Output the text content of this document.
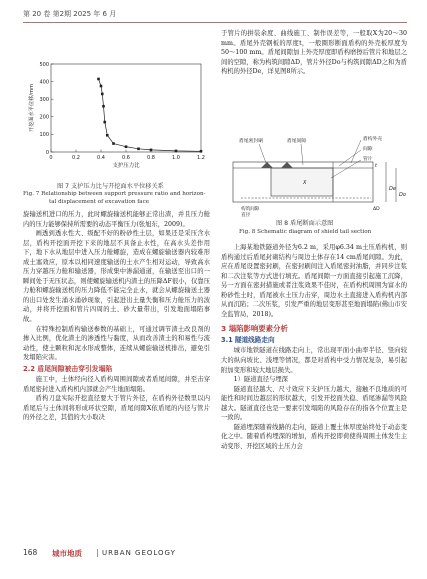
第 20 卷 第2期 2025 年 6 月
0
100
200
300
400
500
0	0.2	0.4	0.6	0.8	1.0	1.2
支护压力比
开挖面水平位移/mm
图 7 支护压力比与开挖面水平位移关系
Fig. 7 Relationship between support pressure ratio and horizon-
tal displacement of excavation face

旋输送机进口的压力，此时螺旋输送机能够正常出渣，并且压力舱内的压力能够保持所需要的动态平衡压力(张旭东，2009)。

画透到透水性大、级配不好的粉砂性土层，如果还是采压含水层，盾构开挖面开挖下来的地层不具备止水性，在高水头差作用下，地下水从地层中进入压力舱螺旋，造成在螺旋输送器内较难形成土塞效应，原本以相同速度输送的土水产生相对运动，导致高水压力穿越压力舱和输送器，形成集中渗漏通道，在输送至出口的一瞬间处于无压状态，则使螺旋输送机内渣土的压降ΔF很小，仅靠压力舱和螺旋输送机的压力降低不能完全止水，就会从螺旋输送土器的出口处发生涌水涌砂现象，引起进出土量失衡和压力舱压力的波动，并将开挖面和管片四周的土、砂大量带出，引发地面塌陷事故。

在特殊控制盾构输送参数的基础上，可通过调节渣土改良剂的掺入比例，优化渣土的渗透性与黏度，从而改善渣土的和易性与流动性，使土颗粒和泥水形成整体，连续从螺旋输送机排出，避免引发塌陷灾害。

2.2 盾尾间隙被击穿引发塌陷

施工中，土体经向径入盾构周围间隙或者盾尾间隙，并至击穿盾尾密封进入盾构机内部就会产生地面塌陷。

盾构刀盘实际开挖直径要大于管片外径，在盾构外径数里以内盾尾后与土体间将形成环状空隙，盾尾间隙X依盾尾的内径与管片的外径之差，其值的大小取决

于管片的拼装余度、曲线施工、制作误差等，一般取X为20～30 mm。盾尾外壳钢板的厚度t，一般圈形断面盾构的外壳板厚度为50～100 mm。盾尾间隙加上外壳厚度即盾构磨擦后管片和地层之间的空隙，称为构筑间隙ΔD，管片外径Do与构筑间隙ΔD之和为盾构机的外径De，详见图8所示。

盾尾密封刷	盾尾间隙	盾构外壳
间隙
管片
X
t
De
Do
ΔD
构筑间隙
直径
图 8 盾尾断面示意图
Fig. 8 Schematic diagram of shield tail section

上海某地铁隧道外径为6.2 m，采用φ6.34 m土压盾构机，则盾构通过后盾尾封砌结构与周边土体存在14 cm盾尾间隙。为此，应在盾尾设置密封刷，在密封刷间注入盾尾密封油脂，并同步注浆和二次注浆等方式进行填充。盾尾间隙一方面直接引起施工沉降，另一方面在密封措施或者注浆效果不佳时，在盾构机周围为富水的粉砂性土时，盾尾被水土压力击穿，周边水土直接进入盾构机内部从而沉陷；二次压浆，引发严重的地层变形甚至地面塌陷(佛山市安全监管局，2018)。

3 塌陷影响要素分析
3.1 隧道线路走向

城市地铁隧道在线路走向上，常出现平面小曲率半径、竖向较大的纵向坡比、浅埋等情况，都是对盾构中受力情况复杂，易引起附加变形和较大地层损失。

1）隧道直径与埋深

隧道直径越大、尺寸效应下支护压力越大，接触不良地质的可能性和时间边越层的形状越大，引发开挖面失稳、盾尾渗漏等风险越大。隧道直径也是一要素引发塌陷的风险存在的指各个位置主是一致的。

隧道埋深随着线路的走向，隧道上覆土体厚度始终处于动态变化之中。随着盾构埋深的增加，盾构开挖即荷使得周围土体发生主动变形、开挖区域的土压力会

168 城市地质	URBAN GEOLOGY
